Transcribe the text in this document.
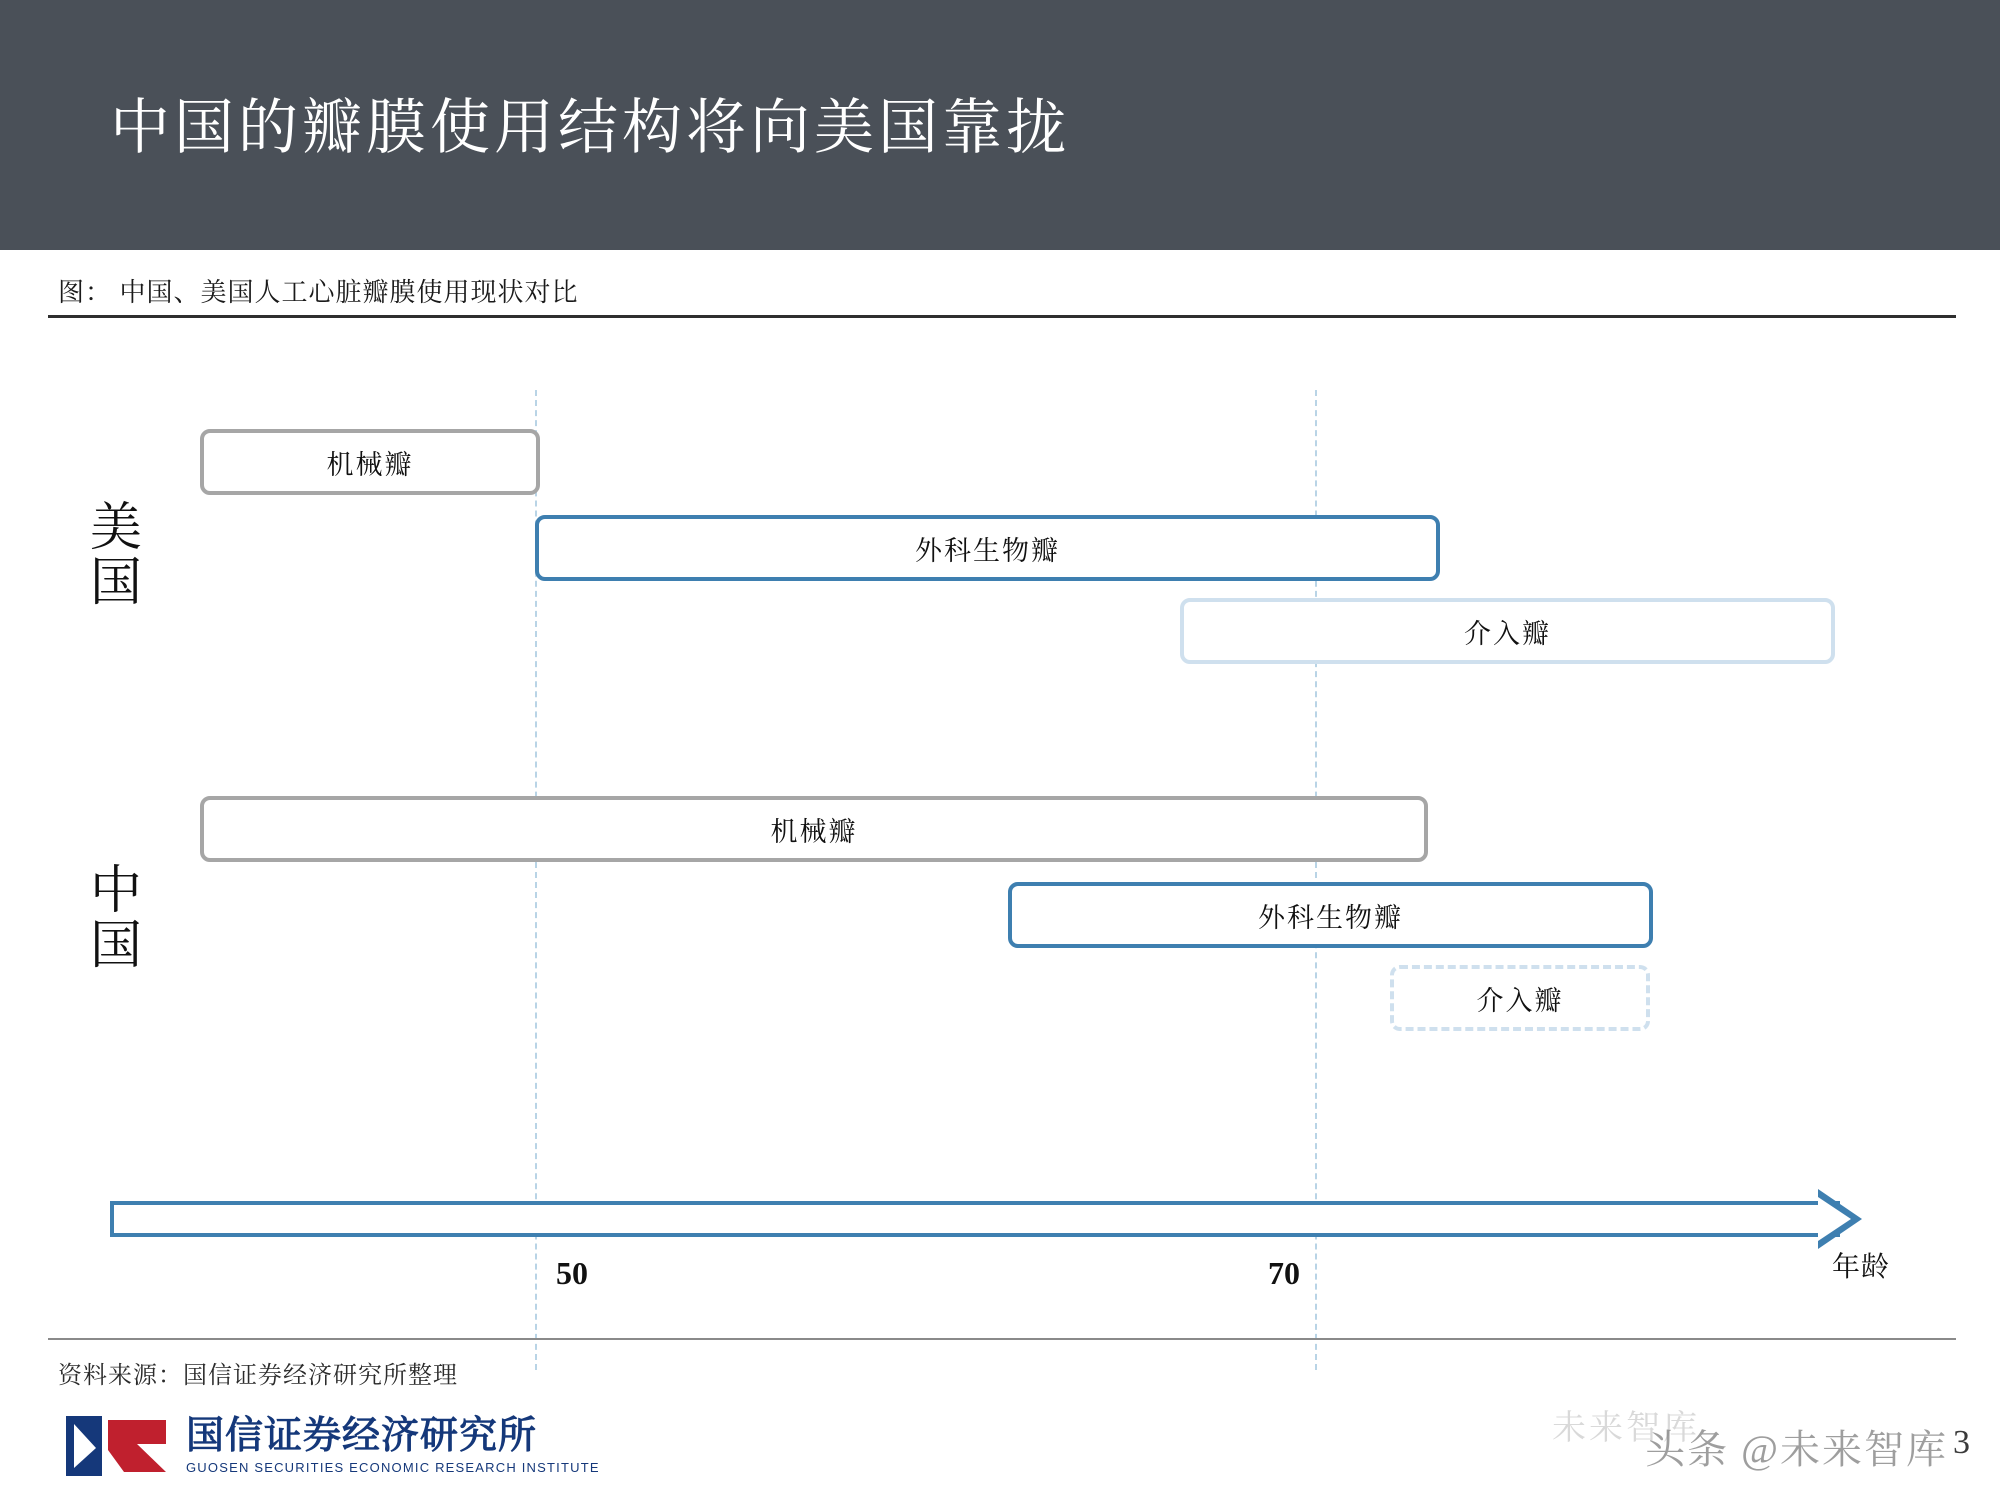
中国的瓣膜使用结构将向美国靠拢
图： 中国、美国人工心脏瓣膜使用现状对比
美国
机械瓣
外科生物瓣
介入瓣
中国
机械瓣
外科生物瓣
介入瓣
50	70	年龄
资料来源：国信证券经济研究所整理
国信证券经济研究所
GUOSEN SECURITIES ECONOMIC RESEARCH INSTITUTE
未来智库
头条 @未来智库 3
